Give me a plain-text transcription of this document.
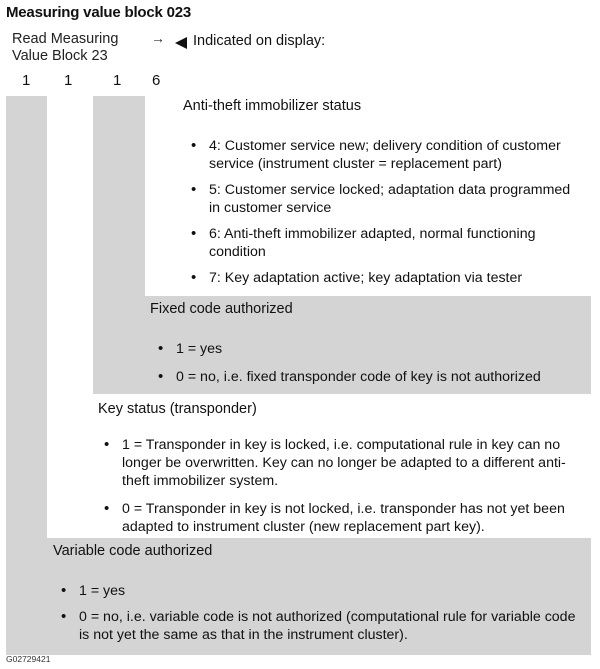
Measuring value block 023
Read Measuring
Value Block 23
→ Indicated on display:
1 1	1 6
Anti-theft immobilizer status
• 4: Customer service new; delivery condition of customer service (instrument cluster = replacement part)
• 5: Customer service locked; adaptation data programmed in customer service
• 6: Anti-theft immobilizer adapted, normal functioning condition
• 7: Key adaptation active; key adaptation via tester
Fixed code authorized
• 1 = yes
• 0 = no, i.e. fixed transponder code of key is not authorized
Key status (transponder)
• 1 = Transponder in key is locked, i.e. computational rule in key can no longer be overwritten. Key can no longer be adapted to a different anti-theft immobilizer system.
• 0 = Transponder in key is not locked, i.e. transponder has not yet been adapted to instrument cluster (new replacement part key).
Variable code authorized
• 1 = yes
• 0 = no, i.e. variable code is not authorized (computational rule for variable code is not yet the same as that in the instrument cluster).
G02729421
